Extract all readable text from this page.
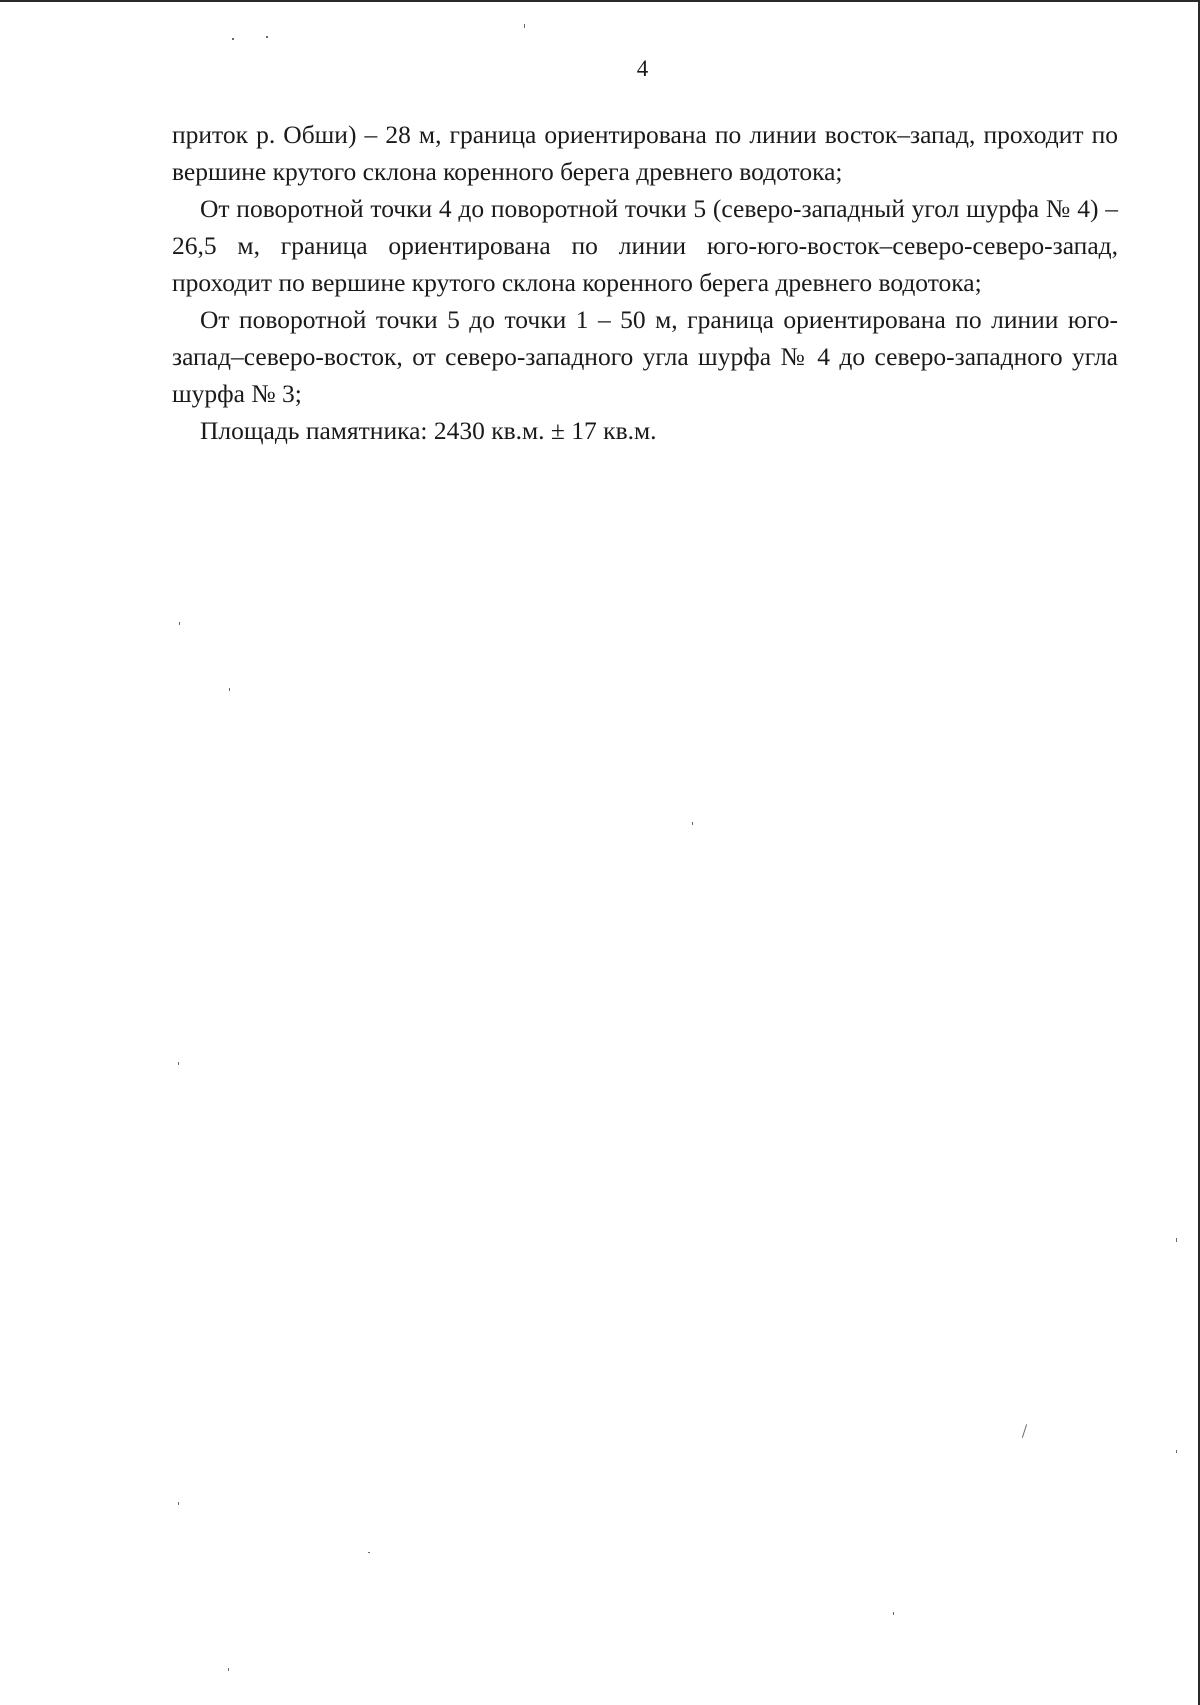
4

приток р. Обши) – 28 м, граница ориентирована по линии восток–запад, проходит по вершине крутого склона коренного берега древнего водотока;

От поворотной точки 4 до поворотной точки 5 (северо-западный угол шурфа № 4) – 26,5 м, граница ориентирована по линии юго-юго-восток–северо-северо-запад, проходит по вершине крутого склона коренного берега древнего водотока;

От поворотной точки 5 до точки 1 – 50 м, граница ориентирована по линии юго-запад–северо-восток, от северо-западного угла шурфа № 4 до северо-западного угла шурфа № 3;

Площадь памятника: 2430 кв.м. ± 17 кв.м.
